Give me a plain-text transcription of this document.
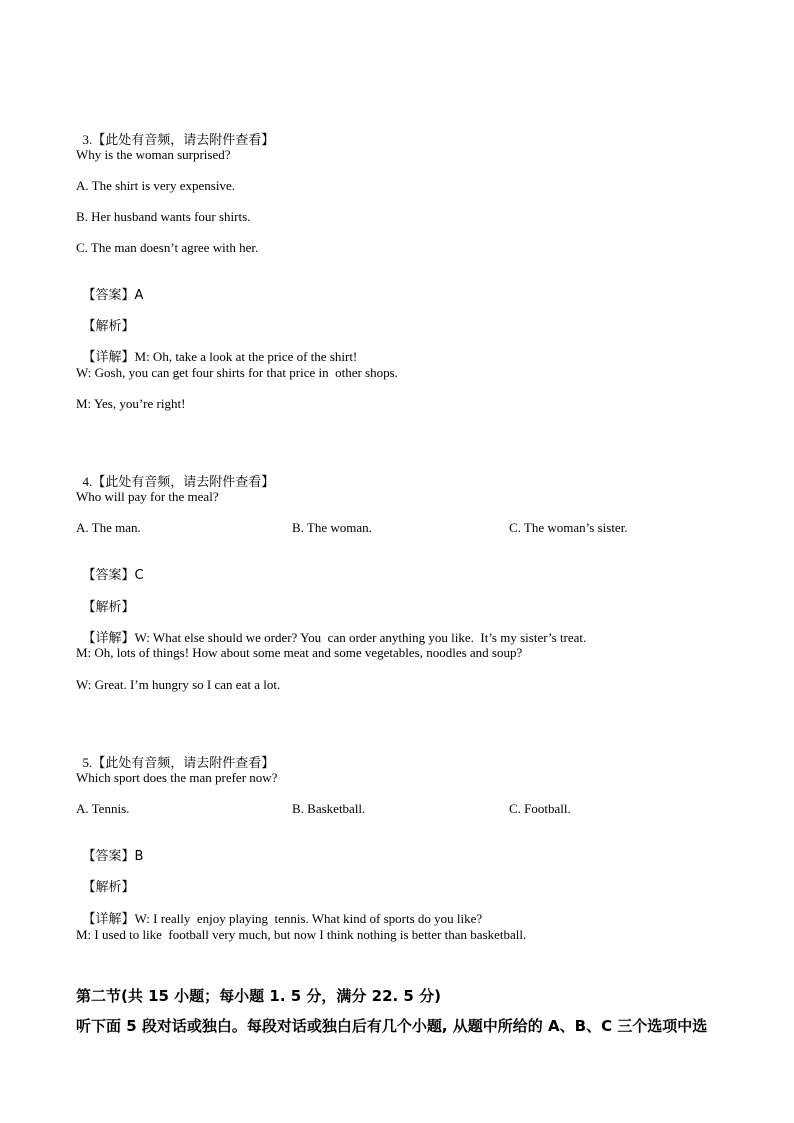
3.【此处有音频，请去附件查看】

Why is the woman surprised?
A. The shirt is very expensive.
B. Her husband wants four shirts.
C. The man doesn’t agree with her.

【答案】A

【解析】

【详解】M: Oh, take a look at the price of the shirt!

W: Gosh, you can get four shirts for that price in  other shops.
M: Yes, you’re right!

4.【此处有音频，请去附件查看】

Who will pay for the meal?
A. The man.	B. The woman.	C. The woman’s sister.

【答案】C

【解析】

【详解】W: What else should we order? You  can order anything you like.  It’s my sister’s treat.

M: Oh, lots of things! How about some meat and some vegetables, noodles and soup?
W: Great. I’m hungry so I can eat a lot.

5.【此处有音频，请去附件查看】

Which sport does the man prefer now?
A. Tennis.	B. Basketball.	C. Football.

【答案】B

【解析】

【详解】W: I really  enjoy playing  tennis. What kind of sports do you like?

M: I used to like  football very much, but now I think nothing is better than basketball.
第二节(共 15 小题；每小题 1. 5 分，满分 22. 5 分)
听下面 5 段对话或独白。每段对话或独白后有几个小题, 从题中所给的 A、B、C 三个选项中选
